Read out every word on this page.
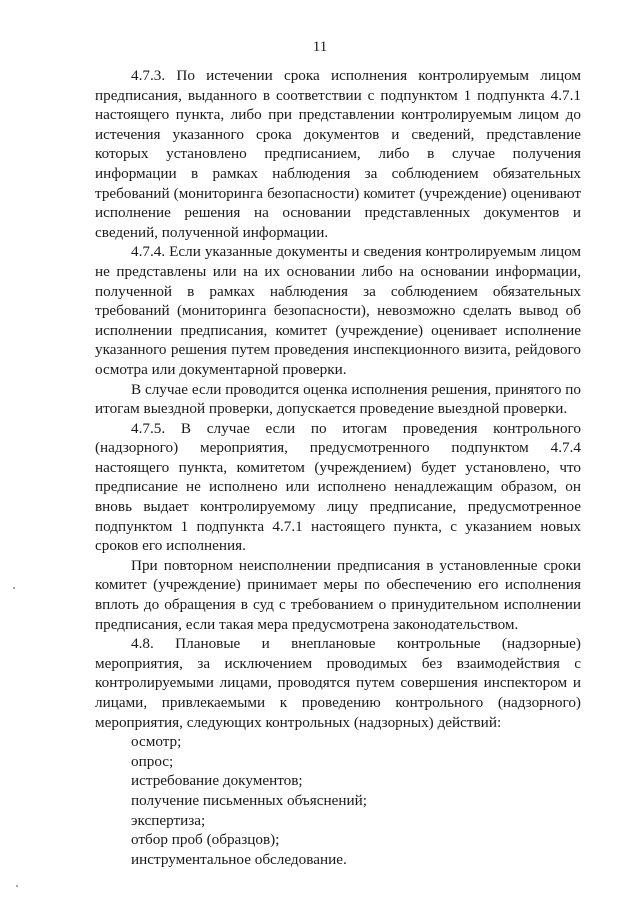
11

4.7.3. По истечении срока исполнения контролируемым лицом предписания, выданного в соответствии с подпунктом 1 подпункта 4.7.1 настоящего пункта, либо при представлении контролируемым лицом до истечения указанного срока документов и сведений, представление которых установлено предписанием, либо в случае получения информации в рамках наблюдения за соблюдением обязательных требований (мониторинга безопасности) комитет (учреждение) оценивают исполнение решения на основании представленных документов и сведений, полученной информации.

4.7.4. Если указанные документы и сведения контролируемым лицом не представлены или на их основании либо на основании информации, полученной в рамках наблюдения за соблюдением обязательных требований (мониторинга безопасности), невозможно сделать вывод об исполнении предписания, комитет (учреждение) оценивает исполнение указанного решения путем проведения инспекционного визита, рейдового осмотра или документарной проверки.

В случае если проводится оценка исполнения решения, принятого по итогам выездной проверки, допускается проведение выездной проверки.

4.7.5. В случае если по итогам проведения контрольного (надзорного) мероприятия, предусмотренного подпунктом 4.7.4 настоящего пункта, комитетом (учреждением) будет установлено, что предписание не исполнено или исполнено ненадлежащим образом, он вновь выдает контролируемому лицу предписание, предусмотренное подпунктом 1 подпункта 4.7.1 настоящего пункта, с указанием новых сроков его исполнения.

При повторном неисполнении предписания в установленные сроки комитет (учреждение) принимает меры по обеспечению его исполнения вплоть до обращения в суд с требованием о принудительном исполнении предписания, если такая мера предусмотрена законодательством.

4.8. Плановые и внеплановые контрольные (надзорные) мероприятия, за исключением проводимых без взаимодействия с контролируемыми лицами, проводятся путем совершения инспектором и лицами, привлекаемыми к проведению контрольного (надзорного) мероприятия, следующих контрольных (надзорных) действий:

осмотр;
опрос;
истребование документов;
получение письменных объяснений;
экспертиза;
отбор проб (образцов);
инструментальное обследование.
